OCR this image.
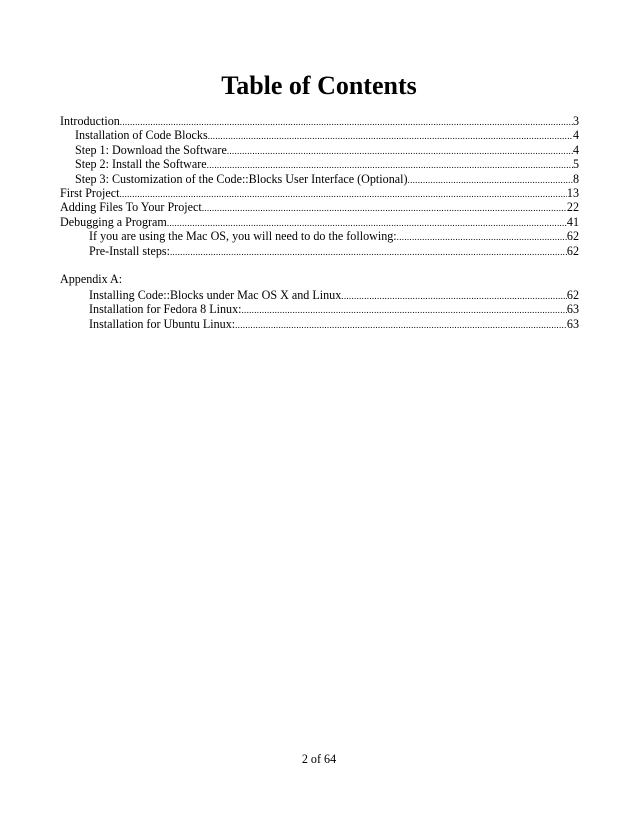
Table of Contents
Introduction .....	3
Installation of Code Blocks .....	4
Step 1: Download the Software .....	4
Step 2: Install the Software .....	5
Step 3: Customization of the Code::Blocks User Interface (Optional) .....	8
First Project .....	13
Adding Files To Your Project .....	22
Debugging a Program .....	41
If you are using the Mac OS, you will need to do the following: .....	62
Pre-Install steps: .....	62
Appendix A:
Installing Code::Blocks under Mac OS X and Linux .....	62
Installation for Fedora 8 Linux: .....	63
Installation for Ubuntu Linux: .....	63
2 of 64
